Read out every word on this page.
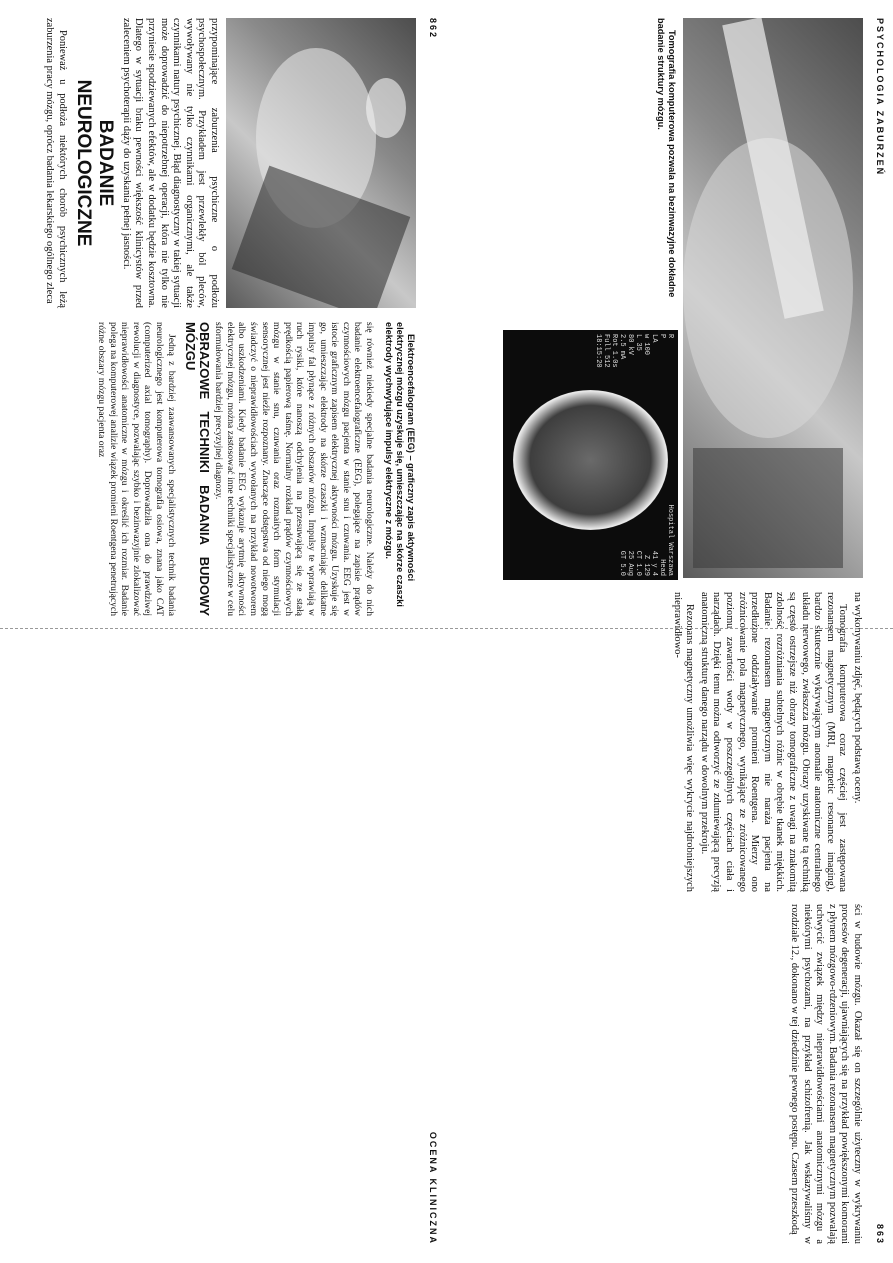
862
OCENA KLINICZNA

przypominające zaburzenia psychiczne o podłożu psychospołecznym. Przykładem jest przewlekły ból pleców, wywoływany nie tylko czynnikami organicznymi, ale także czynnikami natury psychicznej. Błąd diagnostyczny w takiej sytuacji może doprowadzić do niepotrzebnej operacji, która nie tylko nie przyniesie spodziewanych efektów, ale w dodatku będzie kosztowna. Dlatego w sytuacji braku pewności większość klinicystów przed zaleceniem psychoterapii dąży do uzyskania pełnej jasności.

BADANIE
NEUROLOGICZNE

Ponieważ u podłoża niektórych chorób psychicznych leżą zaburzenia pracy mózgu, oprócz badania lekarskiego ogólnego zleca

Elektroencefalogram (EEG) – graficzny zapis aktywności elektrycznej mózgu uzyskuje się, umieszczając na skórze czaszki elektrody wychwytujące impulsy elektryczne z mózgu.

się również niekiedy specjalne badania neurologiczne. Należy do nich badanie elektroencefalograficzne (EEG), polegające na zapisie prądów czynnościowych mózgu pacjenta w stanie snu i czuwania. EEG jest w istocie graficznym zapisem elektrycznej aktywności mózgu. Uzyskuje się go, umieszczając elektrody na skórze czaszki i wzmacniając delikatne impulsy fal płynące z różnych obszarów mózgu. Impulsy te wprawiają w ruch rysiki, które nanoszą odchylenia na przesuwającą się ze stałą prędkością papierową taśmę. Normalny rozkład prądów czynnościowych mózgu w stanie snu, czuwania oraz rozmaitych form stymulacji sensorycznej jest nieźle rozpoznany. Znaczące odstępstwa od niego mogą świadczyć o nieprawidłowościach wywołanych na przykład nowotworem albo uszkodzeniami. Kiedy badanie EEG wykazuje arytmię aktywności elektrycznej mózgu, można zastosować inne techniki specjalistyczne w celu sformułowania bardziej precyzyjnej diagnozy.

OBRAZOWE TECHNIKI BADANIA BUDOWY MÓZGU

Jedną z bardziej zaawansowanych specjalistycznych technik badania neurologicznego jest komputerowa tomografia osiowa, znana jako CAT (computerized axial tomography). Doprowadziła ona do prawdziwej rewolucji w diagnostyce, pozwalając szybko i bezinwazyjnie zlokalizować nieprawidłowości anatomiczne w mózgu i określić ich rozmiar. Badanie polega na komputerowej analizie wiązek promieni Roentgena penetrujących różne obszary mózgu pacjenta oraz

PSYCHOLOGIA ZABURZEŃ
863
R
P
LA
w 100
L 35
80 kV
2.5 mA
Rot 1.0s
Full 512
18:15:20
Hospital Warszawa
Head
41 y 4
Z 129
CT 1.0
25 Aug
GT 5.0

Tomografia komputerowa pozwala na bezinwazyjne dokładne badanie struktury mózgu.

na wykonywaniu zdjęć, będących podstawą oceny.

Tomografia komputerowa coraz częściej jest zastępowana rezonansem magnetycznym (MRI, magnetic resonance imaging), bardzo skutecznie wykrywającym anomalie anatomiczne centralnego układu nerwowego, zwłaszcza mózgu. Obrazy uzyskiwane tą techniką są często ostrzejsze niż obrazy tomograficzne z uwagi na znakomitą zdolność rozróżniania subtelnych różnic w obrębie tkanek miękkich. Badanie rezonansem magnetycznym nie naraża pacjenta na przedłużone oddziaływanie promieni Roentgena. Mierzy ono zróżnicowanie pola magnetycznego, wynikające ze zróżnicowanego poziomu zawartości wody w poszczególnych częściach ciała i narządach. Dzięki temu można odtworzyć ze zdumiewającą precyzją anatomiczną strukturę danego narządu w dowolnym przekroju.

Rezonans magnetyczny umożliwia więc wykrycie najdrobniejszych nieprawidłowo-

ści w budowie mózgu. Okazał się on szczególnie użyteczny w wykrywaniu procesów degeneracji, ujawniających się na przykład powiększonymi komorami z płynem mózgowo-rdzeniowym. Badania rezonansem magnetycznym pozwalają uchwycić związek między nieprawidłowościami anatomicznymi mózgu a niektórymi psychozami, na przykład schizofrenią. Jak wskazywaliśmy w rozdziale 12., dokonano w tej dziedzinie pewnego postępu. Czasem przeszkodą
